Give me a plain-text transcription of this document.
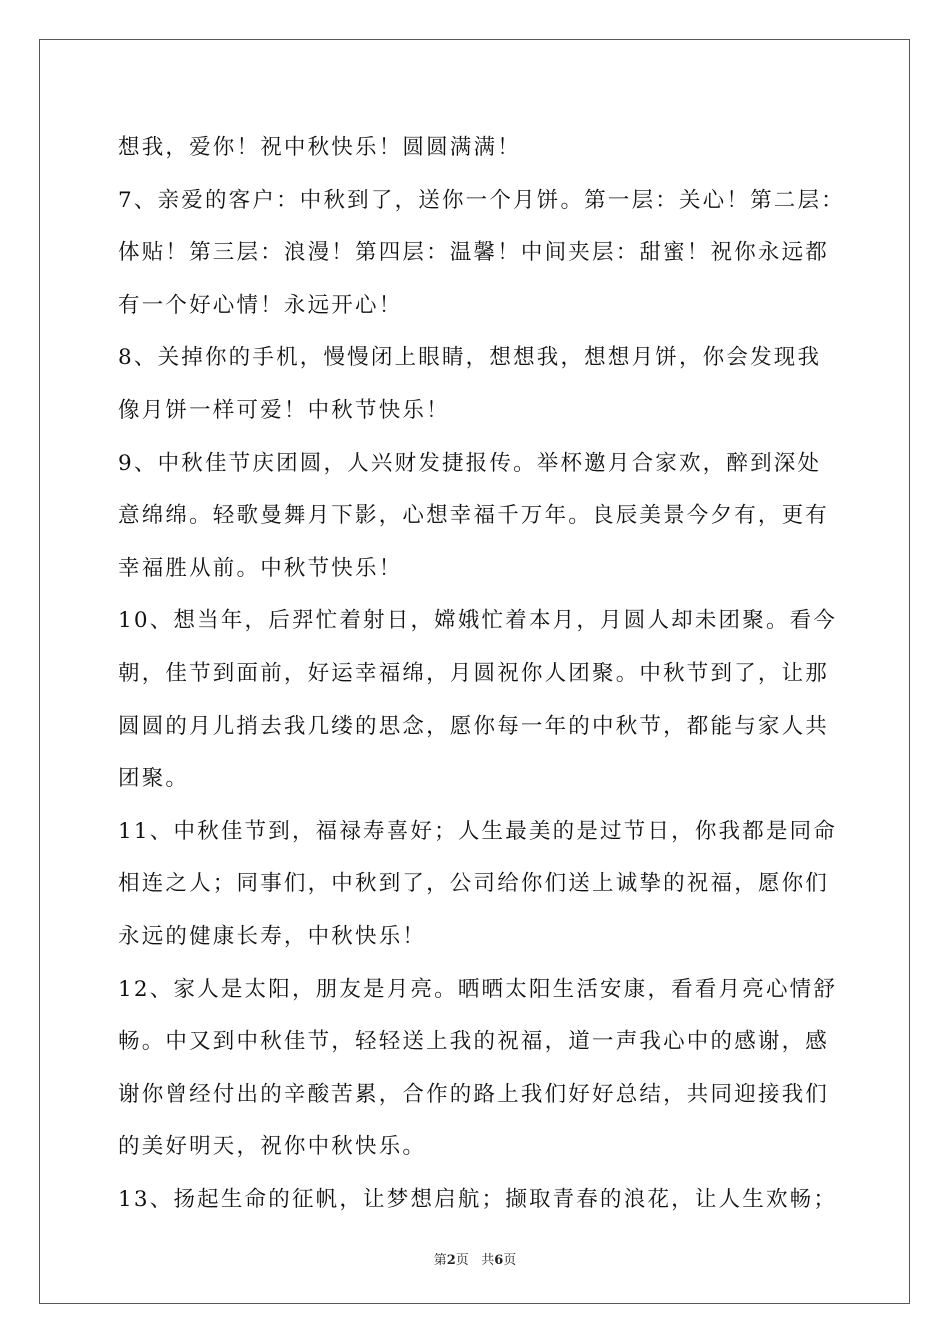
想我，爱你！祝中秋快乐！圆圆满满！
7、亲爱的客户：中秋到了，送你一个月饼。第一层：关心！第二层：
体贴！第三层：浪漫！第四层：温馨！中间夹层：甜蜜！祝你永远都
有一个好心情！永远开心！
8、关掉你的手机，慢慢闭上眼睛，想想我，想想月饼，你会发现我
像月饼一样可爱！中秋节快乐！
9、中秋佳节庆团圆，人兴财发捷报传。举杯邀月合家欢，醉到深处
意绵绵。轻歌曼舞月下影，心想幸福千万年。良辰美景今夕有，更有
幸福胜从前。中秋节快乐！
10、想当年，后羿忙着射日，嫦娥忙着本月，月圆人却未团聚。看今
朝，佳节到面前，好运幸福绵，月圆祝你人团聚。中秋节到了，让那
圆圆的月儿捎去我几缕的思念，愿你每一年的中秋节，都能与家人共
团聚。
11、中秋佳节到，福禄寿喜好；人生最美的是过节日，你我都是同命
相连之人；同事们，中秋到了，公司给你们送上诚挚的祝福，愿你们
永远的健康长寿，中秋快乐！
12、家人是太阳，朋友是月亮。晒晒太阳生活安康，看看月亮心情舒
畅。中又到中秋佳节，轻轻送上我的祝福，道一声我心中的感谢，感
谢你曾经付出的辛酸苦累，合作的路上我们好好总结，共同迎接我们
的美好明天，祝你中秋快乐。
13、扬起生命的征帆，让梦想启航；撷取青春的浪花，让人生欢畅；
第2页 共6页
